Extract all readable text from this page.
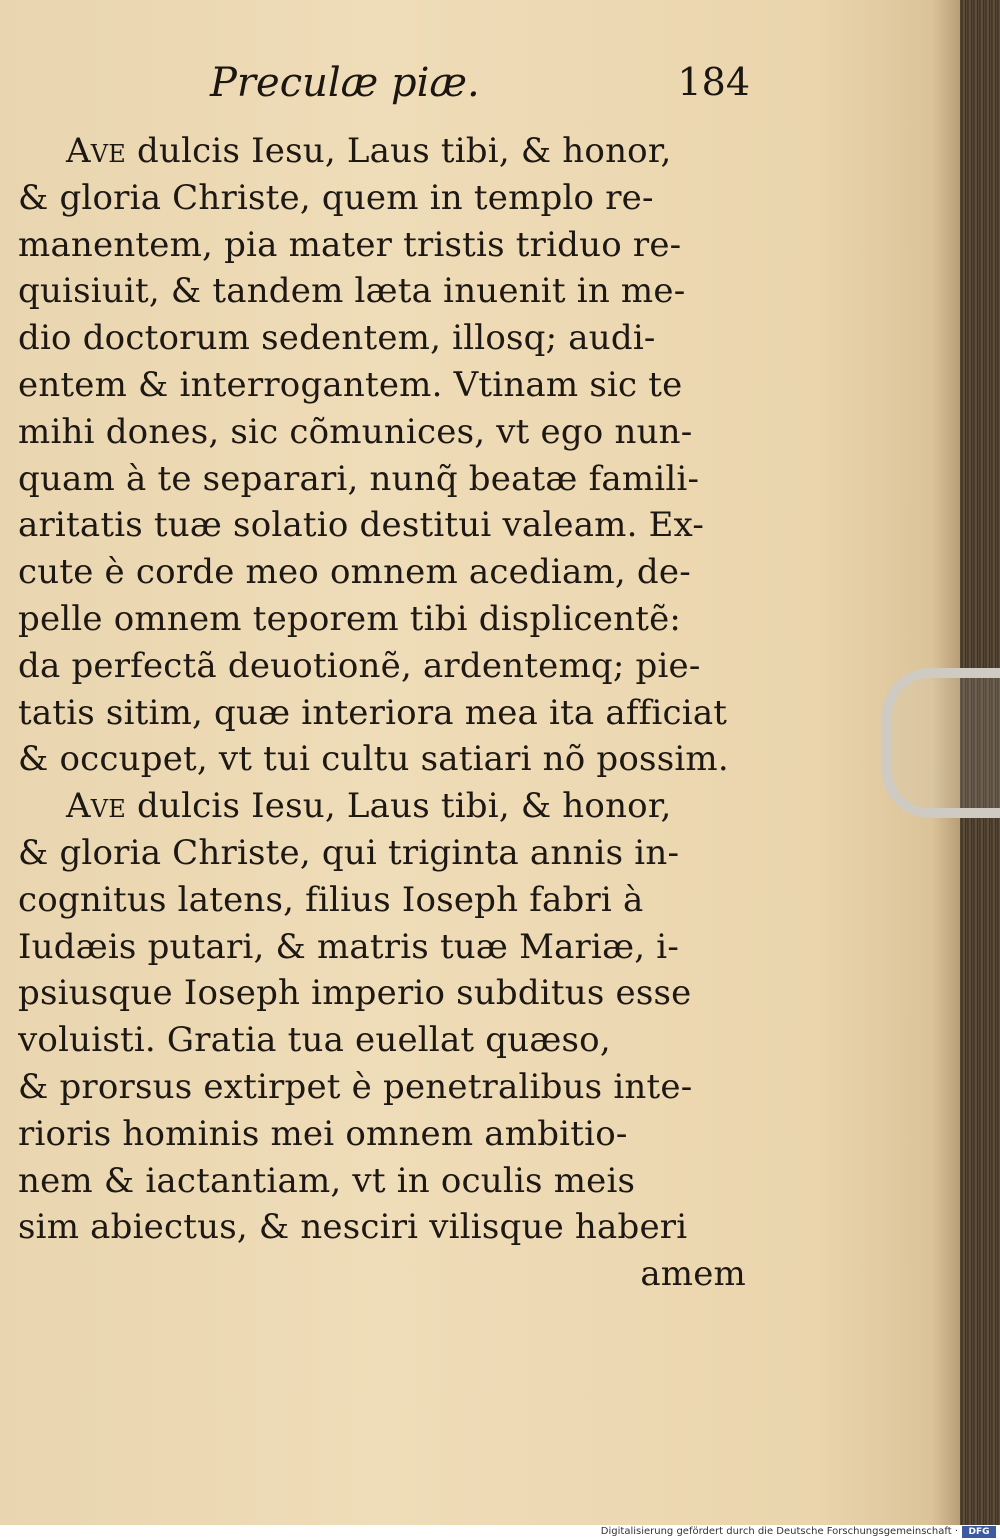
Preculæ piæ.	184
Ave dulcis Iesu, Laus tibi, & honor,
& gloria Christe, quem in templo re-
manentem, pia mater tristis triduo re-
quisiuit, & tandem læta inuenit in me-
dio doctorum sedentem, illosq; audi-
entem & interrogantem. Vtinam sic te
mihi dones, sic cõmunices, vt ego nun-
quam à te separari, nunq̃ beatæ famili-
aritatis tuæ solatio destitui valeam. Ex-
cute è corde meo omnem acediam, de-
pelle omnem teporem tibi displicentẽ:
da perfectã deuotionẽ, ardentemq; pie-
tatis sitim, quæ interiora mea ita afficiat
& occupet, vt tui cultu satiari nõ possim.
Ave dulcis Iesu, Laus tibi, & honor,
& gloria Christe, qui triginta annis in-
cognitus latens, filius Ioseph fabri à
Iudæis putari, & matris tuæ Mariæ, i-
psiusque Ioseph imperio subditus esse
voluisti. Gratia tua euellat quæso,
& prorsus extirpet è penetralibus inte-
rioris hominis mei omnem ambitio-
nem & iactantiam, vt in oculis meis
sim abiectus, & nesciri vilisque haberi
amem
Digitalisierung gefördert durch die Deutsche Forschungsgemeinschaft ·	DFG
